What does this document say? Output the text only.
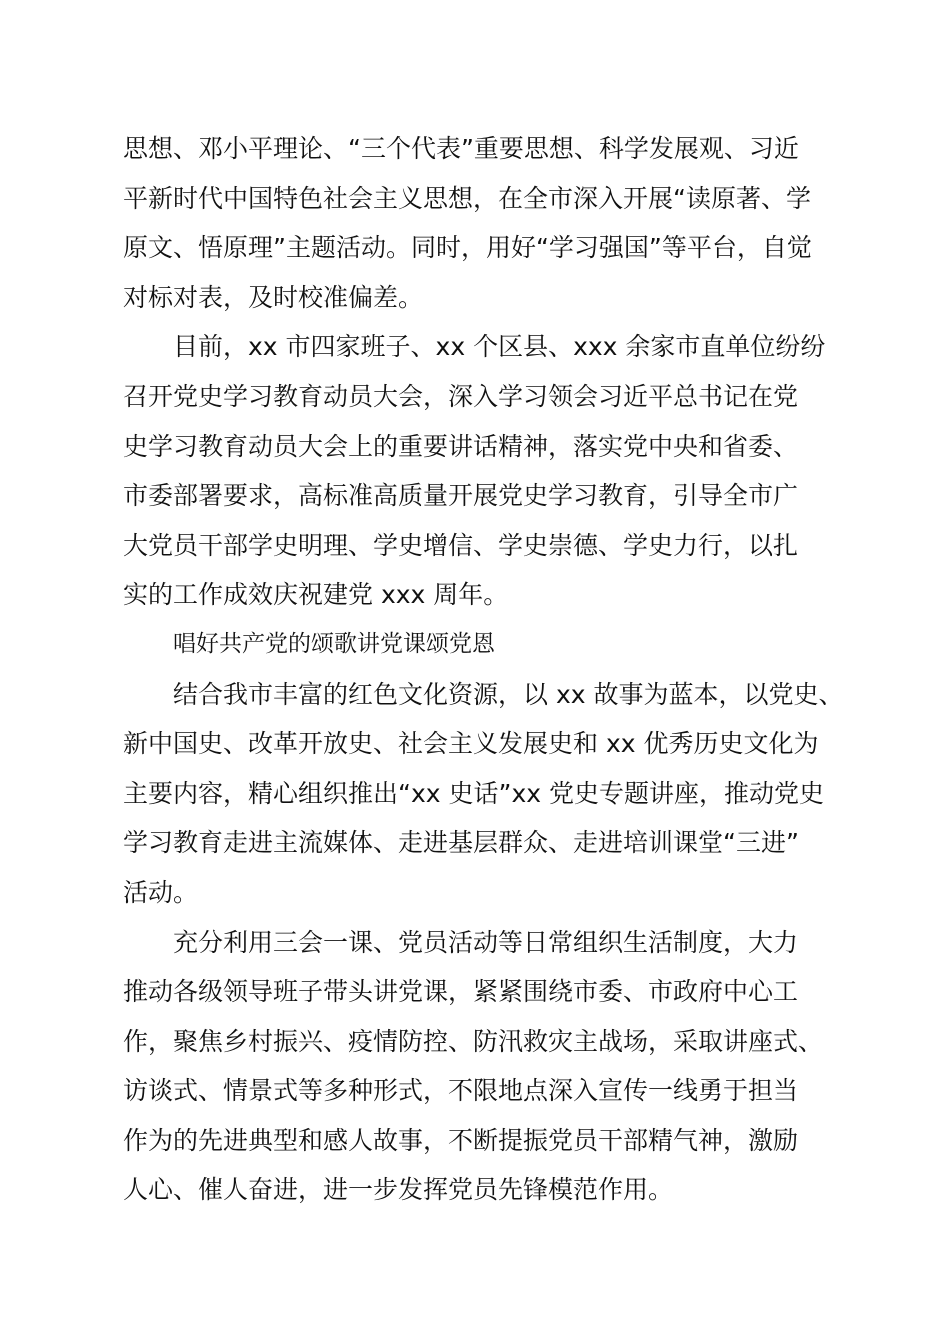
思想、邓小平理论、“三个代表”重要思想、科学发展观、习近
平新时代中国特色社会主义思想，在全市深入开展“读原著、学
原文、悟原理”主题活动。同时，用好“学习强国”等平台，自觉
对标对表，及时校准偏差。

目前，xx 市四家班子、xx 个区县、xxx 余家市直单位纷纷
召开党史学习教育动员大会，深入学习领会习近平总书记在党
史学习教育动员大会上的重要讲话精神，落实党中央和省委、
市委部署要求，高标准高质量开展党史学习教育，引导全市广
大党员干部学史明理、学史增信、学史崇德、学史力行，以扎
实的工作成效庆祝建党 xxx 周年。

唱好共产党的颂歌讲党课颂党恩

结合我市丰富的红色文化资源，以 xx 故事为蓝本，以党史、
新中国史、改革开放史、社会主义发展史和 xx 优秀历史文化为
主要内容，精心组织推出“xx 史话”xx 党史专题讲座，推动党史
学习教育走进主流媒体、走进基层群众、走进培训课堂“三进”
活动。

充分利用三会一课、党员活动等日常组织生活制度，大力
推动各级领导班子带头讲党课，紧紧围绕市委、市政府中心工
作，聚焦乡村振兴、疫情防控、防汛救灾主战场，采取讲座式、
访谈式、情景式等多种形式，不限地点深入宣传一线勇于担当
作为的先进典型和感人故事，不断提振党员干部精气神，激励
人心、催人奋进，进一步发挥党员先锋模范作用。
